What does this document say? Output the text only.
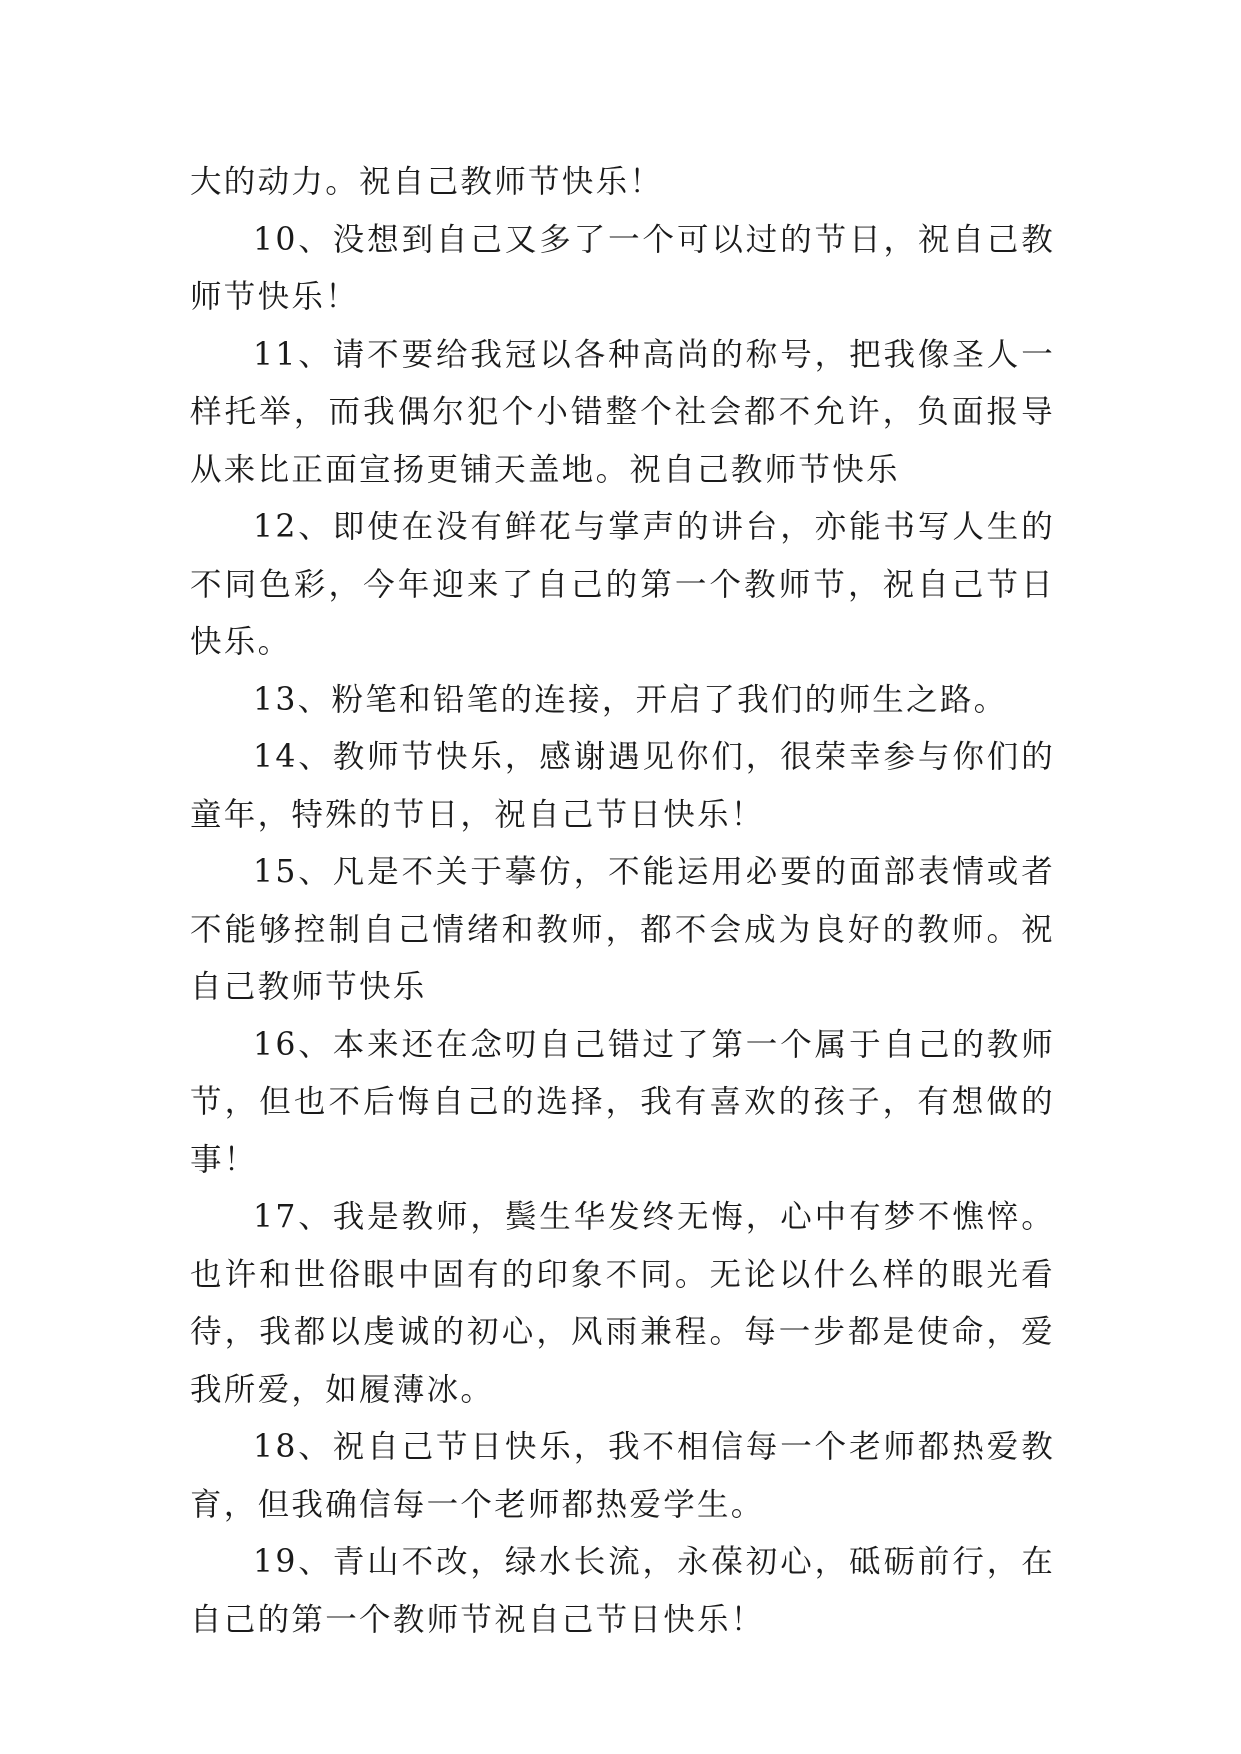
大的动力。祝自己教师节快乐！

10、没想到自己又多了一个可以过的节日，祝自己教师节快乐！

11、请不要给我冠以各种高尚的称号，把我像圣人一样托举，而我偶尔犯个小错整个社会都不允许，负面报导从来比正面宣扬更铺天盖地。祝自己教师节快乐

12、即使在没有鲜花与掌声的讲台，亦能书写人生的不同色彩，今年迎来了自己的第一个教师节，祝自己节日快乐。

13、粉笔和铅笔的连接，开启了我们的师生之路。

14、教师节快乐，感谢遇见你们，很荣幸参与你们的童年，特殊的节日，祝自己节日快乐！

15、凡是不关于摹仿，不能运用必要的面部表情或者不能够控制自己情绪和教师，都不会成为良好的教师。祝自己教师节快乐

16、本来还在念叨自己错过了第一个属于自己的教师节，但也不后悔自己的选择，我有喜欢的孩子，有想做的事！

17、我是教师，鬓生华发终无悔，心中有梦不憔悴。也许和世俗眼中固有的印象不同。无论以什么样的眼光看待，我都以虔诚的初心，风雨兼程。每一步都是使命，爱我所爱，如履薄冰。

18、祝自己节日快乐，我不相信每一个老师都热爱教育，但我确信每一个老师都热爱学生。

19、青山不改，绿水长流，永葆初心，砥砺前行，在自己的第一个教师节祝自己节日快乐！
